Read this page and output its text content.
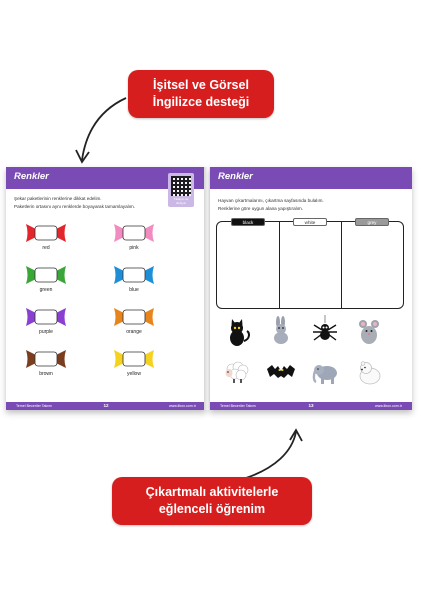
İşitsel ve Görsel
İngilizce desteği
Renkler
Tıklayın ve dinleyin
Şekar paketlerinin renklerine dikkat edelim.
Paketlerin ortasını aynı renklerde boyayarak tamamlayalım.
red	pink
green	blue
purple	orange
brown	yellow
Temel Beceriler Takımı	12	www.ilbox.com.tr
Renkler
Hayvan çıkartmalarını, çıkartma sayfasında bulalım.
Renklerine göre uygun alana yapıştıralım.
black	white	grey
Temel Beceriler Takımı	13	www.ilbox.com.tr
Çıkartmalı aktivitelerle
eğlenceli öğrenim
